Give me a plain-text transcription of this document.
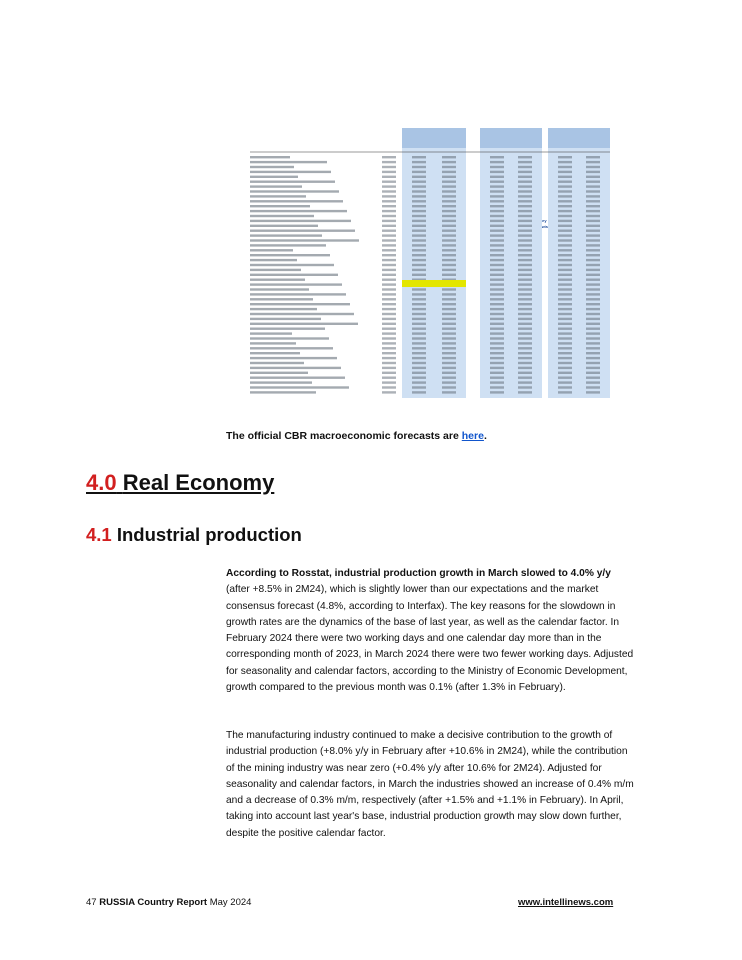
key
The official CBR macroeconomic forecasts are here.
4.0 Real Economy
4.1 Industrial production

According to Rosstat, industrial production growth in March slowed to 4.0% y/y (after +8.5% in 2M24), which is slightly lower than our expectations and the market consensus forecast (4.8%, according to Interfax). The key reasons for the slowdown in growth rates are the dynamics of the base of last year, as well as the calendar factor. In February 2024 there were two working days and one calendar day more than in the corresponding month of 2023, in March 2024 there were two fewer working days. Adjusted for seasonality and calendar factors, according to the Ministry of Economic Development, growth compared to the previous month was 0.1% (after 1.3% in February).

The manufacturing industry continued to make a decisive contribution to the growth of industrial production (+8.0% y/y in February after +10.6% in 2M24), while the contribution of the mining industry was near zero (+0.4% y/y after 10.6% for 2M24). Adjusted for seasonality and calendar factors, in March the industries showed an increase of 0.4% m/m and a decrease of 0.3% m/m, respectively (after +1.5% and +1.1% in February). In April, taking into account last year's base, industrial production growth may slow down further, despite the positive calendar factor.

47 RUSSIA Country Report May 2024	www.intellinews.com
